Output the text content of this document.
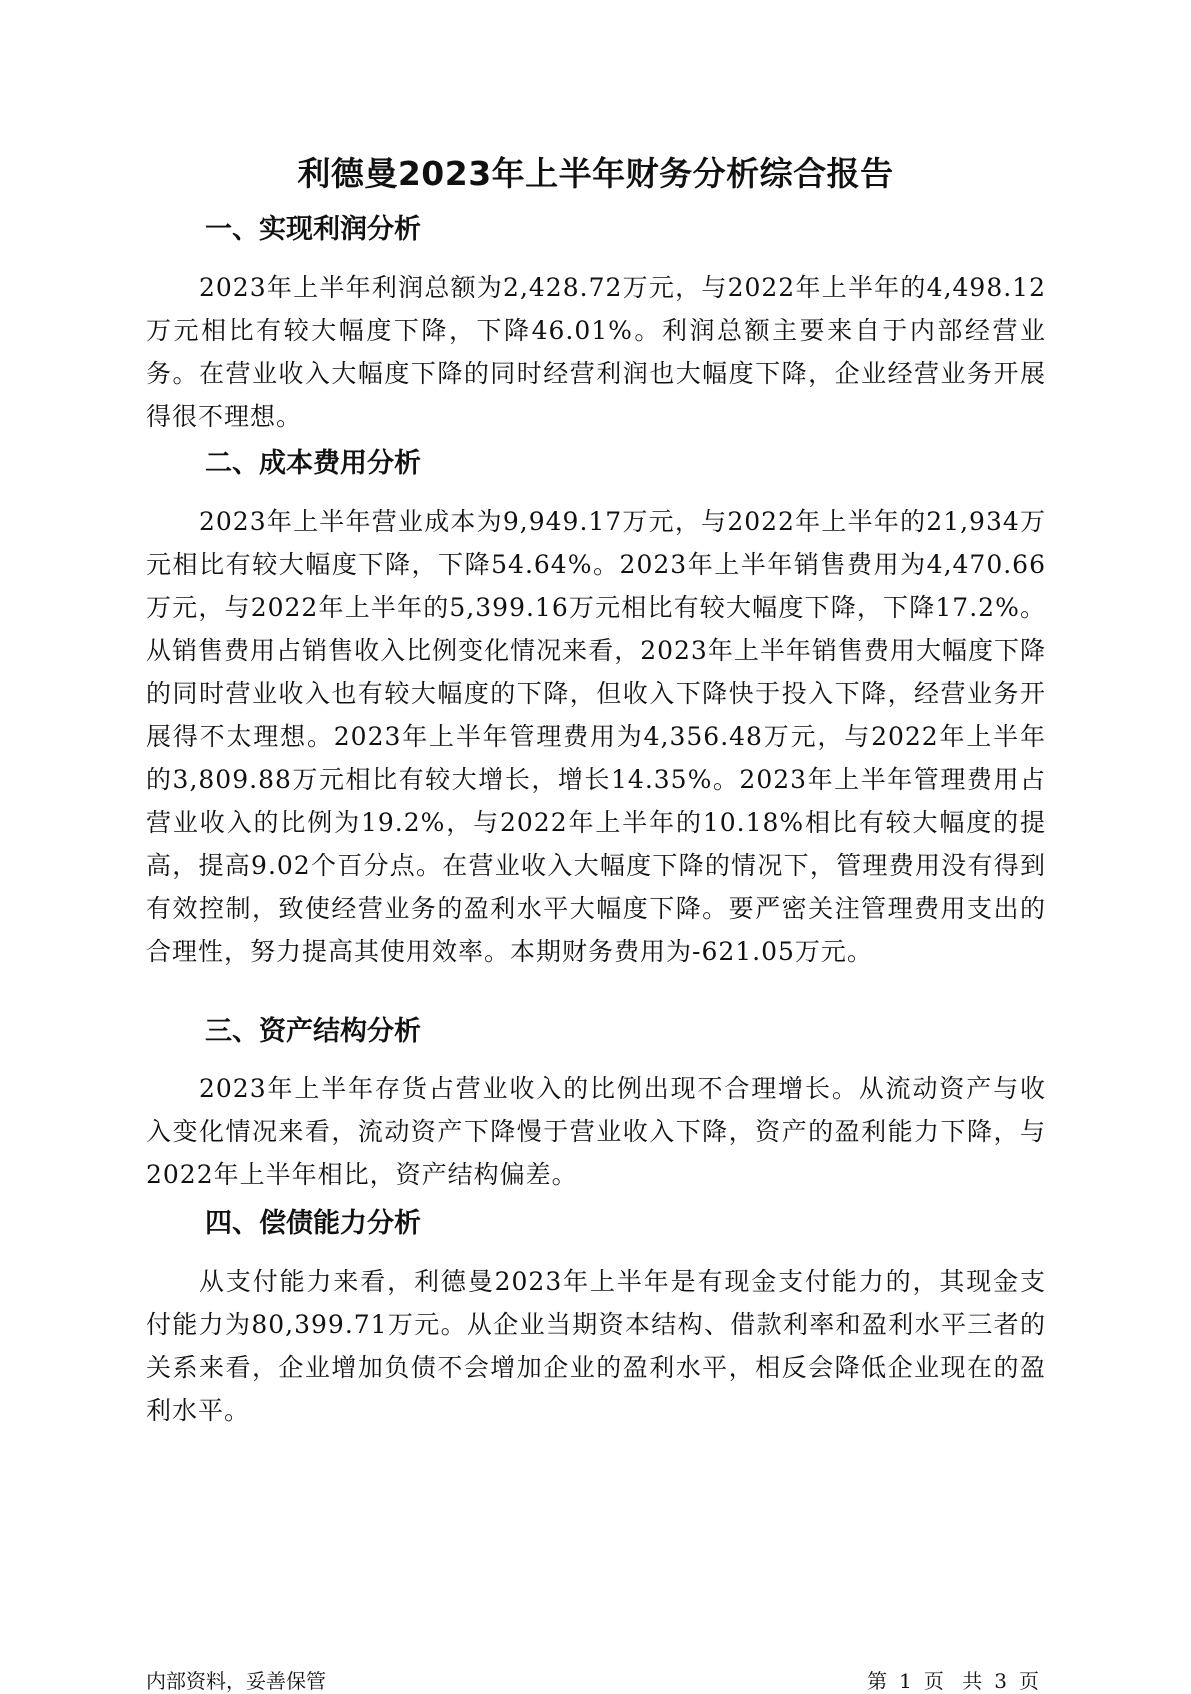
利德曼2023年上半年财务分析综合报告
一、实现利润分析

2023年上半年利润总额为2,428.72万元，与2022年上半年的4,498.12万元相比有较大幅度下降，下降46.01%。利润总额主要来自于内部经营业务。在营业收入大幅度下降的同时经营利润也大幅度下降，企业经营业务开展得很不理想。

二、成本费用分析

2023年上半年营业成本为9,949.17万元，与2022年上半年的21,934万元相比有较大幅度下降，下降54.64%。2023年上半年销售费用为4,470.66万元，与2022年上半年的5,399.16万元相比有较大幅度下降，下降17.2%。从销售费用占销售收入比例变化情况来看，2023年上半年销售费用大幅度下降的同时营业收入也有较大幅度的下降，但收入下降快于投入下降，经营业务开展得不太理想。2023年上半年管理费用为4,356.48万元，与2022年上半年的3,809.88万元相比有较大增长，增长14.35%。2023年上半年管理费用占营业收入的比例为19.2%，与2022年上半年的10.18%相比有较大幅度的提高，提高9.02个百分点。在营业收入大幅度下降的情况下，管理费用没有得到有效控制，致使经营业务的盈利水平大幅度下降。要严密关注管理费用支出的合理性，努力提高其使用效率。本期财务费用为-621.05万元。

三、资产结构分析

2023年上半年存货占营业收入的比例出现不合理增长。从流动资产与收入变化情况来看，流动资产下降慢于营业收入下降，资产的盈利能力下降，与2022年上半年相比，资产结构偏差。

四、偿债能力分析

从支付能力来看，利德曼2023年上半年是有现金支付能力的，其现金支付能力为80,399.71万元。从企业当期资本结构、借款利率和盈利水平三者的关系来看，企业增加负债不会增加企业的盈利水平，相反会降低企业现在的盈利水平。

内部资料，妥善保管	第 1 页 共 3 页
